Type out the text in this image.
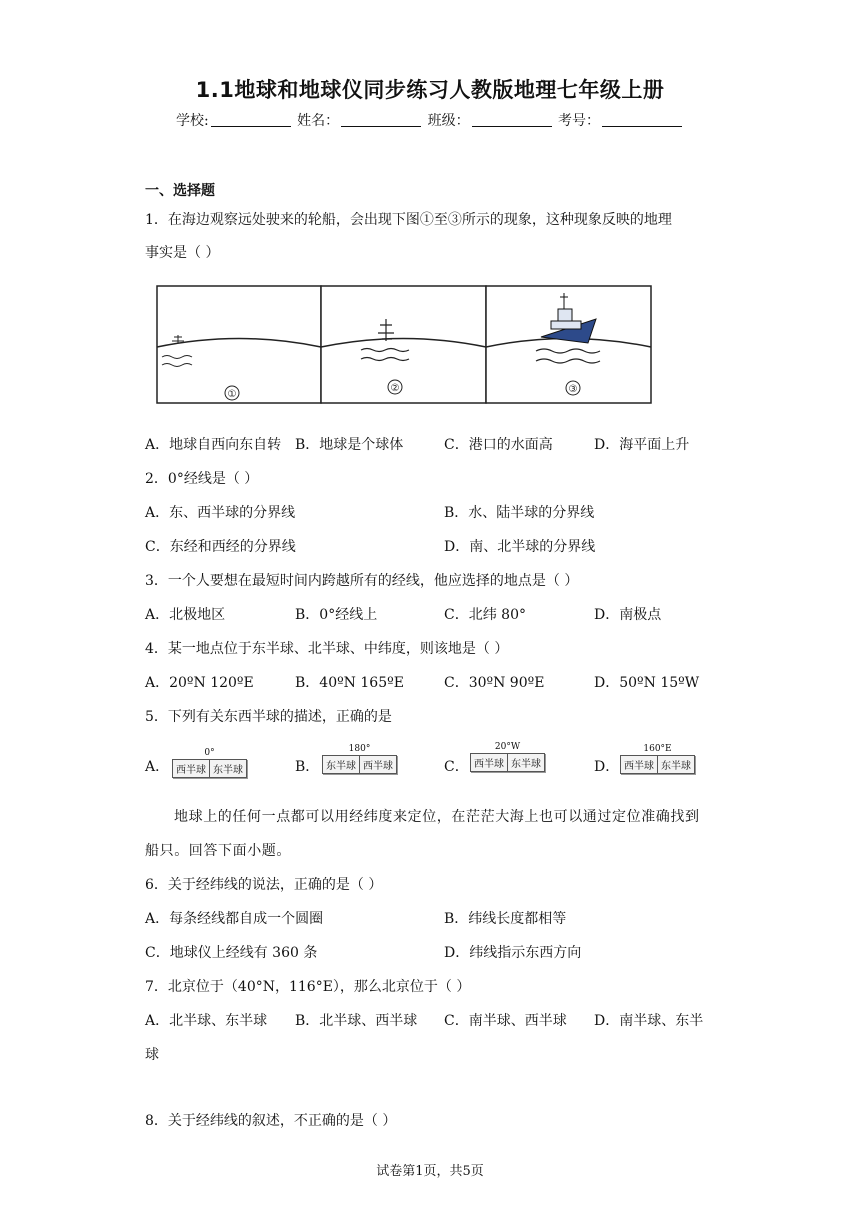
1.1地球和地球仪同步练习人教版地理七年级上册
学校:	姓名：	班级：	考号：
一、选择题
1．在海边观察远处驶来的轮船，会出现下图①至③所示的现象，这种现象反映的地理
事实是（ ）
①
②	③
A．地球自西向东自转 B．地球是个球体	C．港口的水面高	D．海平面上升
2．0°经线是（ ）
A．东、西半球的分界线	B．水、陆半球的分界线
C．东经和西经的分界线	D．南、北半球的分界线
3．一个人要想在最短时间内跨越所有的经线，他应选择的地点是（ ）
A．北极地区	B．0°经线上	C．北纬 80°	D．南极点
4．某一地点位于东半球、北半球、中纬度，则该地是（ ）
A．20ºN 120ºE	B．40ºN 165ºE	C．30ºN 90ºE	D．50ºN 15ºW
5．下列有关东西半球的描述，正确的是
A．
0°
西半球 东半球	B．
180°
东半球 西半球	C．
20°W
西半球 东半球	D．
160°E
西半球 东半球
地球上的任何一点都可以用经纬度来定位，在茫茫大海上也可以通过定位准确找到
船只。回答下面小题。
6．关于经纬线的说法，正确的是（ ）
A．每条经线都自成一个圆圈	B．纬线长度都相等
C．地球仪上经线有 360 条	D．纬线指示东西方向
7．北京位于（40°N，116°E），那么北京位于（ ）
A．北半球、东半球 B．北半球、西半球 C．南半球、西半球 D．南半球、东半
球
8．关于经纬线的叙述，不正确的是（ ）
试卷第1页，共5页
